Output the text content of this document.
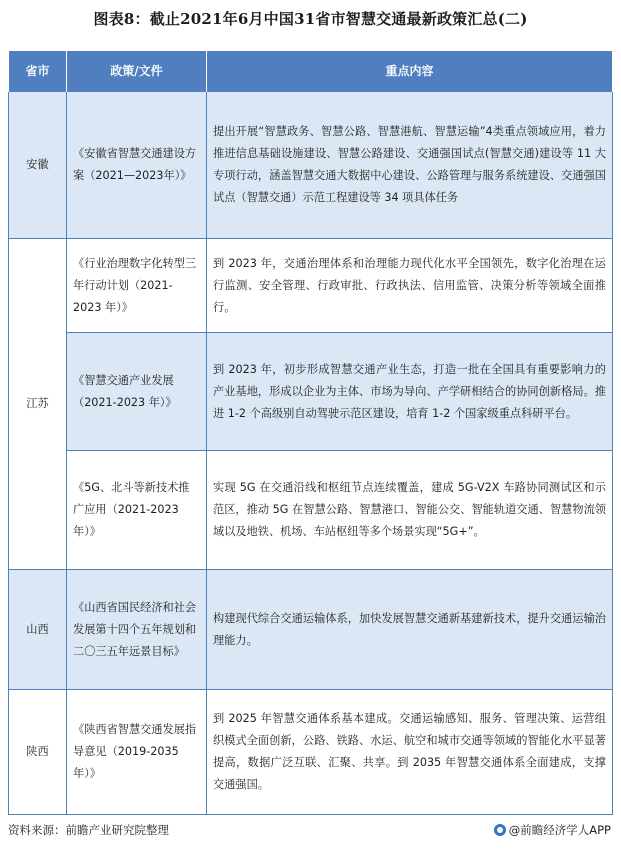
图表8：截止2021年6月中国31省市智慧交通最新政策汇总(二)
省市	政策/文件	重点内容
安徽	《安徽省智慧交通建设方案（2021—2023年）》	提出开展“智慧政务、智慧公路、智慧港航、智慧运输”4类重点领域应用，着力推进信息基础设施建设、智慧公路建设、交通强国试点(智慧交通)建设等 11 大专项行动，涵盖智慧交通大数据中心建设、公路管理与服务系统建设、交通强国试点（智慧交通）示范工程建设等 34 项具体任务
江苏	《行业治理数字化转型三年行动计划（2021-2023 年）》	到 2023 年，交通治理体系和治理能力现代化水平全国领先，数字化治理在运行监测、安全管理、行政审批、行政执法、信用监管、决策分析等领域全面推行。
	《智慧交通产业发展（2021-2023 年）》	到 2023 年，初步形成智慧交通产业生态，打造一批在全国具有重要影响力的产业基地，形成以企业为主体、市场为导向、产学研相结合的协同创新格局。推进 1-2 个高级别自动驾驶示范区建设，培育 1-2 个国家级重点科研平台。
	《5G、北斗等新技术推广应用（2021-2023 年）》	实现 5G 在交通沿线和枢纽节点连续覆盖，建成 5G-V2X 车路协同测试区和示范区，推动 5G 在智慧公路、智慧港口、智能公交、智能轨道交通、智慧物流领域以及地铁、机场、车站枢纽等多个场景实现“5G+”。
山西	《山西省国民经济和社会发展第十四个五年规划和二〇三五年远景目标》	构建现代综合交通运输体系，加快发展智慧交通新基建新技术，提升交通运输治理能力。
陕西	《陕西省智慧交通发展指导意见（2019-2035 年）》	到 2025 年智慧交通体系基本建成。交通运输感知、服务、管理决策、运营组织模式全面创新，公路、铁路、水运、航空和城市交通等领域的智能化水平显著提高，数据广泛互联、汇聚、共享。到 2035 年智慧交通体系全面建成，支撑交通强国。
资料来源：前瞻产业研究院整理	@前瞻经济学人APP
